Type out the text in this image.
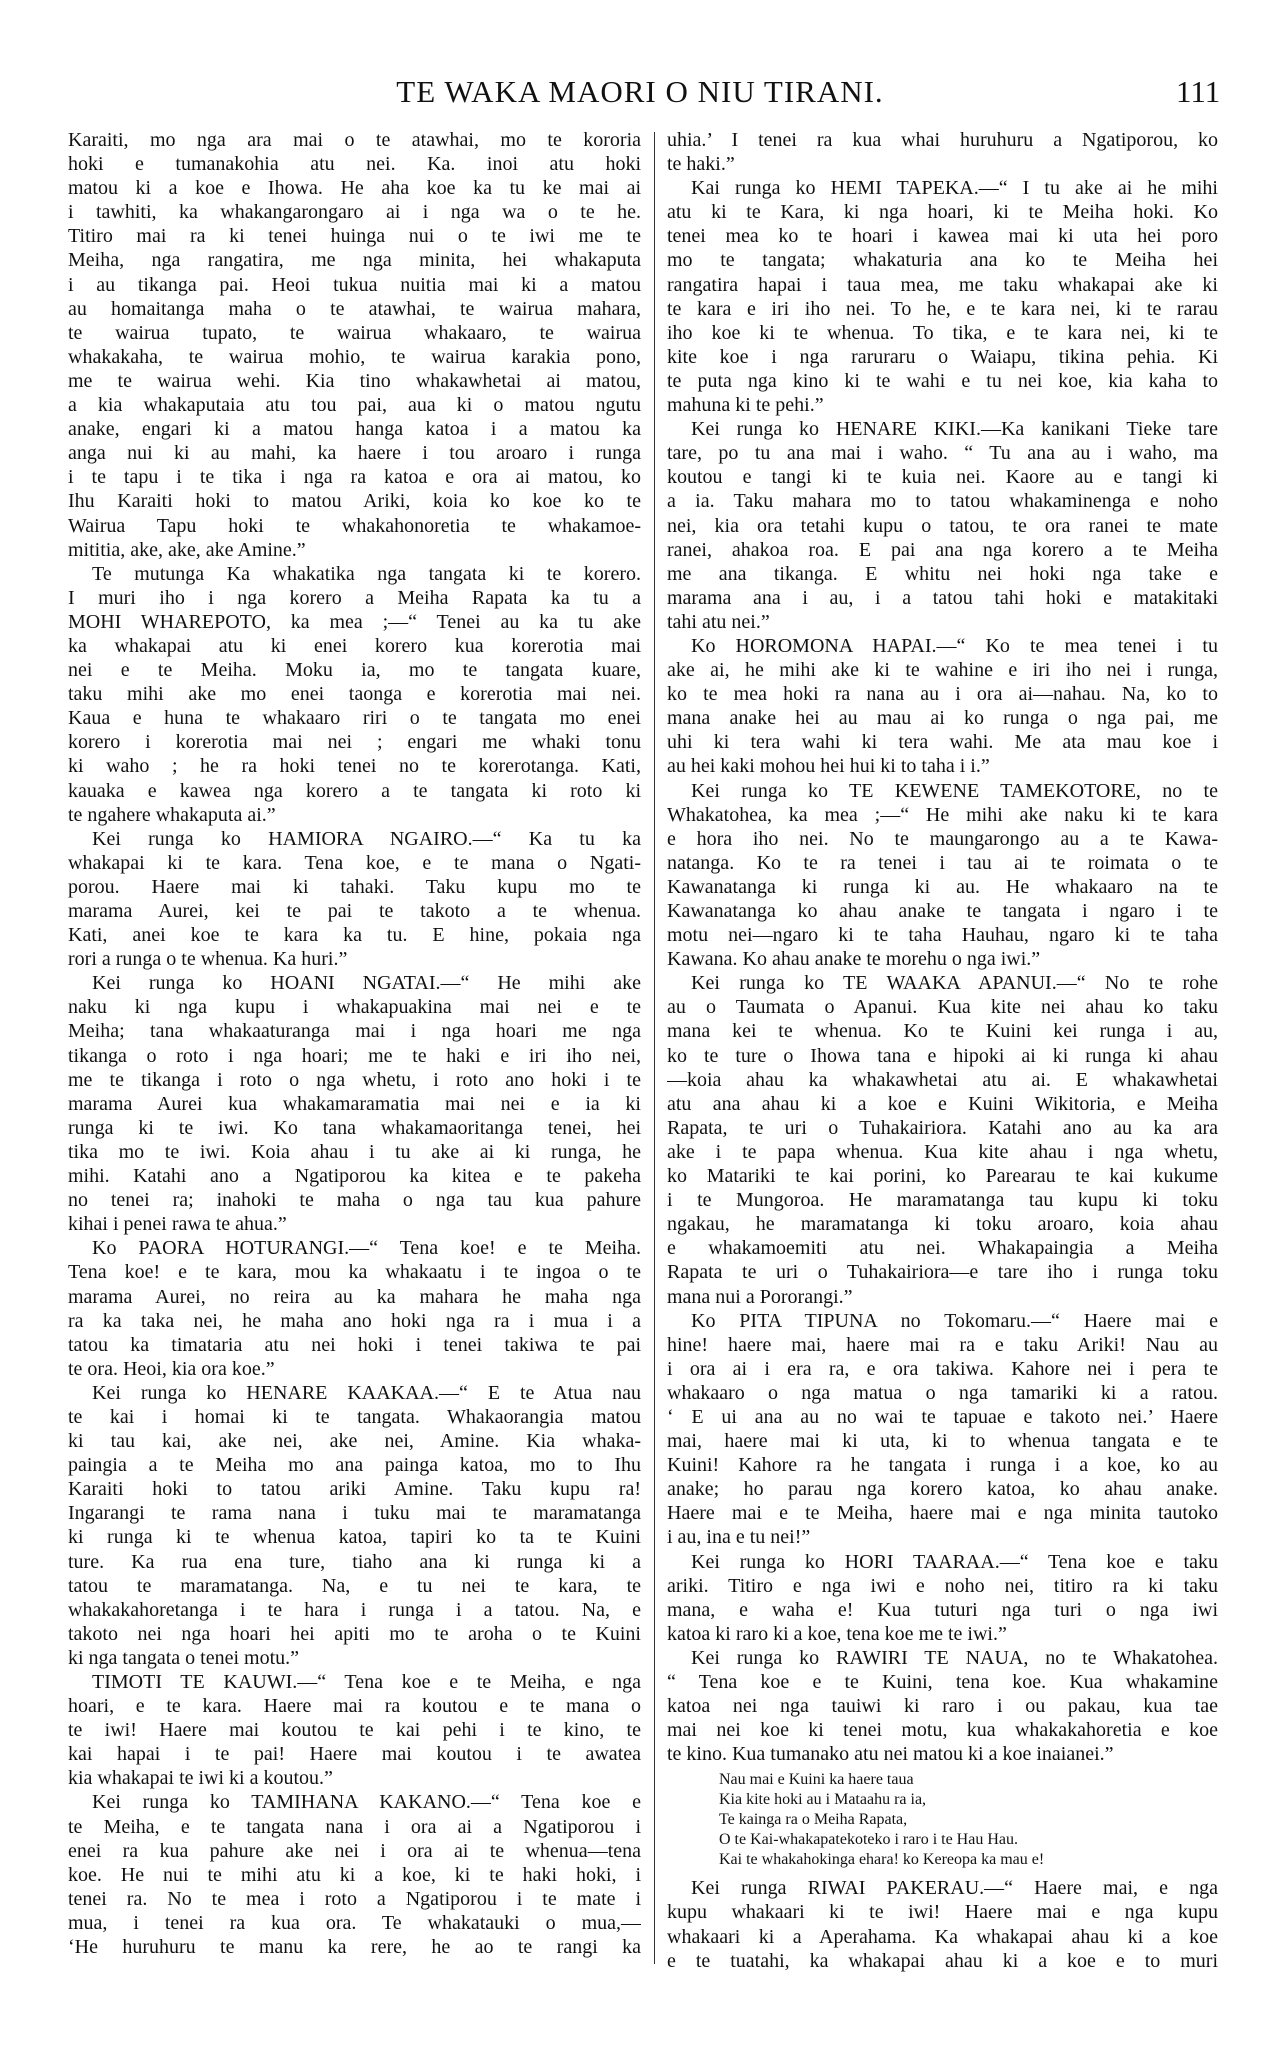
TE WAKA MAORI O NIU TIRANI.	111
Karaiti, mo nga ara mai o te atawhai, mo te kororia
hoki e tumanakohia atu nei. Ka. inoi atu hoki
matou ki a koe e Ihowa. He aha koe ka tu ke mai ai
i tawhiti, ka whakangarongaro ai i nga wa o te he.
Titiro mai ra ki tenei huinga nui o te iwi me te
Meiha, nga rangatira, me nga minita, hei whakaputa
i au tikanga pai. Heoi tukua nuitia mai ki a matou
au homaitanga maha o te atawhai, te wairua mahara,
te wairua tupato, te wairua whakaaro, te wairua
whakakaha, te wairua mohio, te wairua karakia pono,
me te wairua wehi. Kia tino whakawhetai ai matou,
a kia whakaputaia atu tou pai, aua ki o matou ngutu
anake, engari ki a matou hanga katoa i a matou ka
anga nui ki au mahi, ka haere i tou aroaro i runga
i te tapu i te tika i nga ra katoa e ora ai matou, ko
Ihu Karaiti hoki to matou Ariki, koia ko koe ko te
Wairua Tapu hoki te whakahonoretia te whakamoe-
mititia, ake, ake, ake Amine.”
Te mutunga Ka whakatika nga tangata ki te korero.
I muri iho i nga korero a Meiha Rapata ka tu a
MOHI WHAREPOTO, ka mea ;—“ Tenei au ka tu ake
ka whakapai atu ki enei korero kua korerotia mai
nei e te Meiha. Moku ia, mo te tangata kuare,
taku mihi ake mo enei taonga e korerotia mai nei.
Kaua e huna te whakaaro riri o te tangata mo enei
korero i korerotia mai nei ; engari me whaki tonu
ki waho ; he ra hoki tenei no te korerotanga. Kati,
kauaka e kawea nga korero a te tangata ki roto ki
te ngahere whakaputa ai.”
Kei runga ko HAMIORA NGAIRO.—“ Ka tu ka
whakapai ki te kara. Tena koe, e te mana o Ngati-
porou. Haere mai ki tahaki. Taku kupu mo te
marama Aurei, kei te pai te takoto a te whenua.
Kati, anei koe te kara ka tu. E hine, pokaia nga
rori a runga o te whenua. Ka huri.”
Kei runga ko HOANI NGATAI.—“ He mihi ake
naku ki nga kupu i whakapuakina mai nei e te
Meiha; tana whakaaturanga mai i nga hoari me nga
tikanga o roto i nga hoari; me te haki e iri iho nei,
me te tikanga i roto o nga whetu, i roto ano hoki i te
marama Aurei kua whakamaramatia mai nei e ia ki
runga ki te iwi. Ko tana whakamaoritanga tenei, hei
tika mo te iwi. Koia ahau i tu ake ai ki runga, he
mihi. Katahi ano a Ngatiporou ka kitea e te pakeha
no tenei ra; inahoki te maha o nga tau kua pahure
kihai i penei rawa te ahua.”
Ko PAORA HOTURANGI.—“ Tena koe! e te Meiha.
Tena koe! e te kara, mou ka whakaatu i te ingoa o te
marama Aurei, no reira au ka mahara he maha nga
ra ka taka nei, he maha ano hoki nga ra i mua i a
tatou ka timataria atu nei hoki i tenei takiwa te pai
te ora. Heoi, kia ora koe.”
Kei runga ko HENARE KAAKAA.—“ E te Atua nau
te kai i homai ki te tangata. Whakaorangia matou
ki tau kai, ake nei, ake nei, Amine. Kia whaka-
paingia a te Meiha mo ana painga katoa, mo to Ihu
Karaiti hoki to tatou ariki Amine. Taku kupu ra!
Ingarangi te rama nana i tuku mai te maramatanga
ki runga ki te whenua katoa, tapiri ko ta te Kuini
ture. Ka rua ena ture, tiaho ana ki runga ki a
tatou te maramatanga. Na, e tu nei te kara, te
whakakahoretanga i te hara i runga i a tatou. Na, e
takoto nei nga hoari hei apiti mo te aroha o te Kuini
ki nga tangata o tenei motu.”
TIMOTI TE KAUWI.—“ Tena koe e te Meiha, e nga
hoari, e te kara. Haere mai ra koutou e te mana o
te iwi! Haere mai koutou te kai pehi i te kino, te
kai hapai i te pai! Haere mai koutou i te awatea
kia whakapai te iwi ki a koutou.”
Kei runga ko TAMIHANA KAKANO.—“ Tena koe e
te Meiha, e te tangata nana i ora ai a Ngatiporou i
enei ra kua pahure ake nei i ora ai te whenua—tena
koe. He nui te mihi atu ki a koe, ki te haki hoki, i
tenei ra. No te mea i roto a Ngatiporou i te mate i
mua, i tenei ra kua ora. Te whakatauki o mua,—
‘He huruhuru te manu ka rere, he ao te rangi ka
uhia.’ I tenei ra kua whai huruhuru a Ngatiporou, ko
te haki.”
Kai runga ko HEMI TAPEKA.—“ I tu ake ai he mihi
atu ki te Kara, ki nga hoari, ki te Meiha hoki. Ko
tenei mea ko te hoari i kawea mai ki uta hei poro
mo te tangata; whakaturia ana ko te Meiha hei
rangatira hapai i taua mea, me taku whakapai ake ki
te kara e iri iho nei. To he, e te kara nei, ki te rarau
iho koe ki te whenua. To tika, e te kara nei, ki te
kite koe i nga raruraru o Waiapu, tikina pehia. Ki
te puta nga kino ki te wahi e tu nei koe, kia kaha to
mahuna ki te pehi.”
Kei runga ko HENARE KIKI.—Ka kanikani Tieke tare
tare, po tu ana mai i waho. “ Tu ana au i waho, ma
koutou e tangi ki te kuia nei. Kaore au e tangi ki
a ia. Taku mahara mo to tatou whakaminenga e noho
nei, kia ora tetahi kupu o tatou, te ora ranei te mate
ranei, ahakoa roa. E pai ana nga korero a te Meiha
me ana tikanga. E whitu nei hoki nga take e
marama ana i au, i a tatou tahi hoki e matakitaki
tahi atu nei.”
Ko HOROMONA HAPAI.—“ Ko te mea tenei i tu
ake ai, he mihi ake ki te wahine e iri iho nei i runga,
ko te mea hoki ra nana au i ora ai—nahau. Na, ko to
mana anake hei au mau ai ko runga o nga pai, me
uhi ki tera wahi ki tera wahi. Me ata mau koe i
au hei kaki mohou hei hui ki to taha i i.”
Kei runga ko TE KEWENE TAMEKOTORE, no te
Whakatohea, ka mea ;—“ He mihi ake naku ki te kara
e hora iho nei. No te maungarongo au a te Kawa-
natanga. Ko te ra tenei i tau ai te roimata o te
Kawanatanga ki runga ki au. He whakaaro na te
Kawanatanga ko ahau anake te tangata i ngaro i te
motu nei—ngaro ki te taha Hauhau, ngaro ki te taha
Kawana. Ko ahau anake te morehu o nga iwi.”
Kei runga ko TE WAAKA APANUI.—“ No te rohe
au o Taumata o Apanui. Kua kite nei ahau ko taku
mana kei te whenua. Ko te Kuini kei runga i au,
ko te ture o Ihowa tana e hipoki ai ki runga ki ahau
—koia ahau ka whakawhetai atu ai. E whakawhetai
atu ana ahau ki a koe e Kuini Wikitoria, e Meiha
Rapata, te uri o Tuhakairiora. Katahi ano au ka ara
ake i te papa whenua. Kua kite ahau i nga whetu,
ko Matariki te kai porini, ko Parearau te kai kukume
i te Mungoroa. He maramatanga tau kupu ki toku
ngakau, he maramatanga ki toku aroaro, koia ahau
e whakamoemiti atu nei. Whakapaingia a Meiha
Rapata te uri o Tuhakairiora—e tare iho i runga toku
mana nui a Pororangi.”
Ko PITA TIPUNA no Tokomaru.—“ Haere mai e
hine! haere mai, haere mai ra e taku Ariki! Nau au
i ora ai i era ra, e ora takiwa. Kahore nei i pera te
whakaaro o nga matua o nga tamariki ki a ratou.
‘ E ui ana au no wai te tapuae e takoto nei.’ Haere
mai, haere mai ki uta, ki to whenua tangata e te
Kuini! Kahore ra he tangata i runga i a koe, ko au
anake; ho parau nga korero katoa, ko ahau anake.
Haere mai e te Meiha, haere mai e nga minita tautoko
i au, ina e tu nei!”
Kei runga ko HORI TAARAA.—“ Tena koe e taku
ariki. Titiro e nga iwi e noho nei, titiro ra ki taku
mana, e waha e! Kua tuturi nga turi o nga iwi
katoa ki raro ki a koe, tena koe me te iwi.”
Kei runga ko RAWIRI TE NAUA, no te Whakatohea.
“ Tena koe e te Kuini, tena koe. Kua whakamine
katoa nei nga tauiwi ki raro i ou pakau, kua tae
mai nei koe ki tenei motu, kua whakakahoretia e koe
te kino. Kua tumanako atu nei matou ki a koe inaianei.”
Nau mai e Kuini ka haere taua
Kia kite hoki au i Mataahu ra ia,
Te kainga ra o Meiha Rapata,
O te Kai-whakapatekoteko i raro i te Hau Hau.
Kai te whakahokinga ehara! ko Kereopa ka mau e!
Kei runga RIWAI PAKERAU.—“ Haere mai, e nga
kupu whakaari ki te iwi! Haere mai e nga kupu
whakaari ki a Aperahama. Ka whakapai ahau ki a koe
e te tuatahi, ka whakapai ahau ki a koe e to muri
